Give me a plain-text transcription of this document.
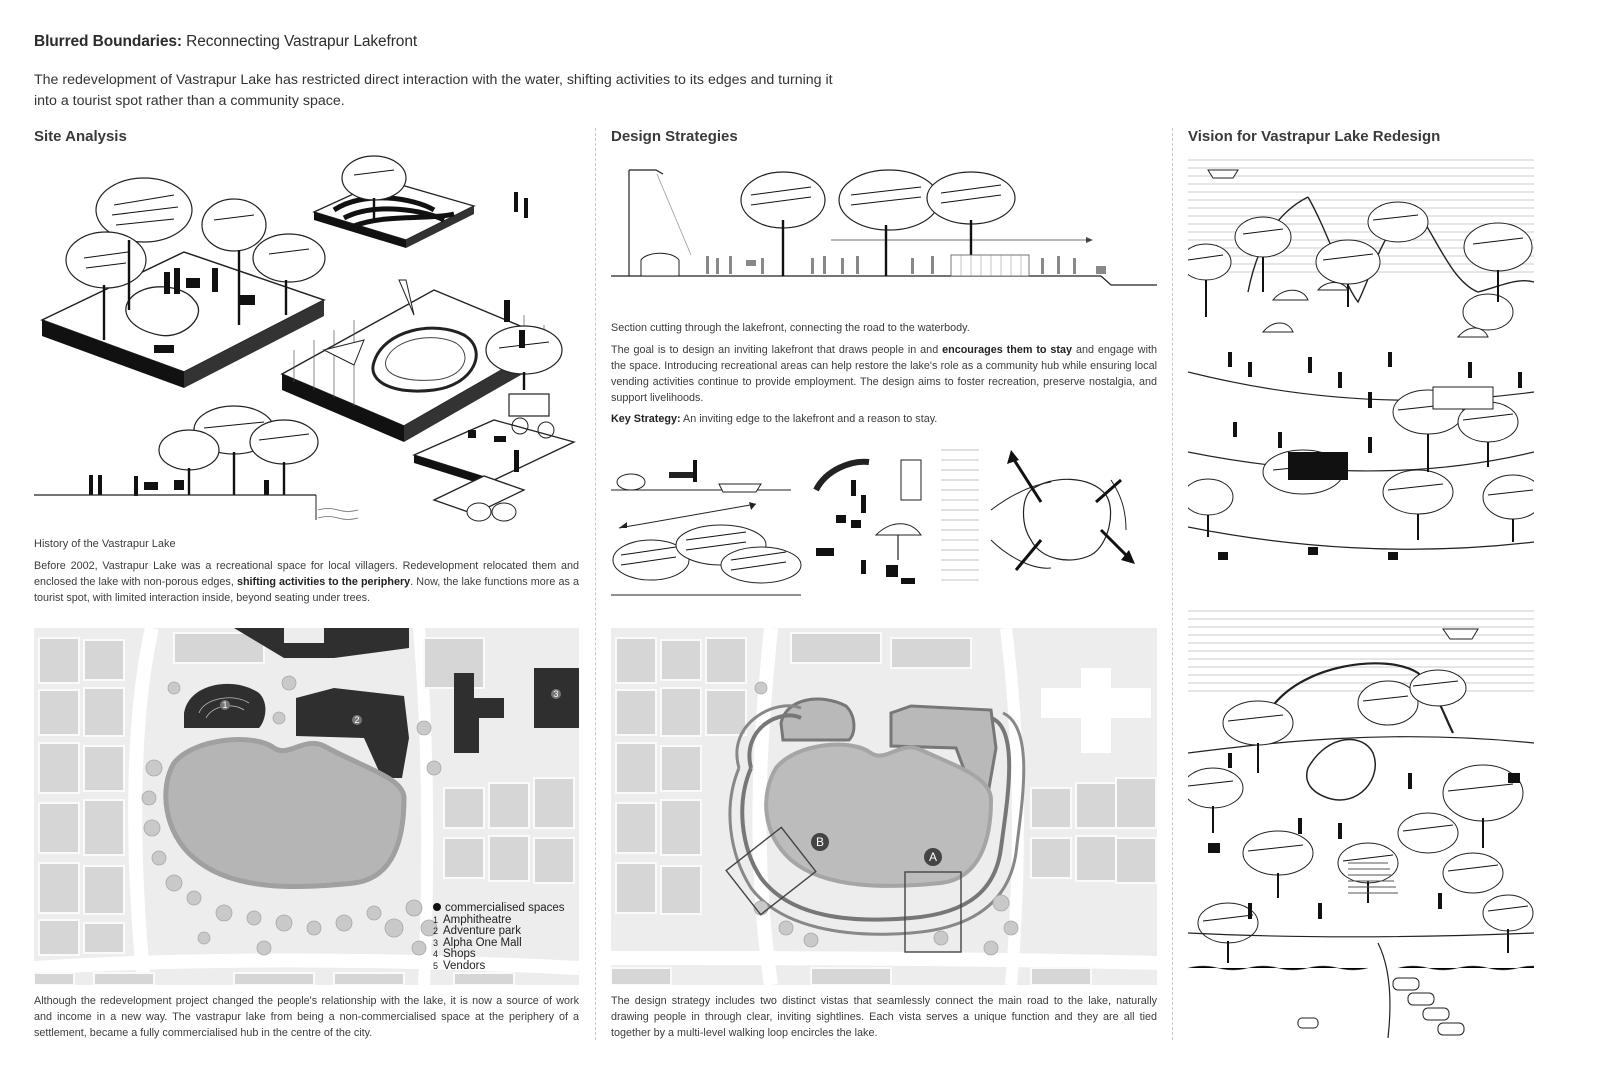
Blurred Boundaries: Reconnecting Vastrapur Lakefront
The redevelopment of Vastrapur Lake has restricted direct interaction with the water, shifting activities to its edges and turning it
into a tourist spot rather than a community space.
Site Analysis
History of the Vastrapur Lake
Before 2002, Vastrapur Lake was a recreational space for local villagers. Redevelopment relocated them and enclosed the lake with non-porous edges, shifting activities to the periphery. Now, the lake functions more as a tourist spot, with limited interaction inside, beyond seating under trees.
1
2
3
commercialised spaces
1 Amphitheatre
2 Adventure park
3 Alpha One Mall
4 Shops
5 Vendors
Although the redevelopment project changed the people's relationship with the lake, it is now a source of work and income in a new way. The vastrapur lake from being a non-commercialised space at the periphery of a settlement, became a fully commercialised hub in the centre of the city.
Design Strategies
Section cutting through the lakefront, connecting the road to the waterbody.
The goal is to design an inviting lakefront that draws people in and encourages them to stay and engage with the space. Introducing recreational areas can help restore the lake's role as a community hub while ensuring local vending activities continue to provide employment. The design aims to foster recreation, preserve nostalgia, and support livelihoods.
Key Strategy: An inviting edge to the lakefront and a reason to stay.
A
B
The design strategy includes two distinct vistas that seamlessly connect the main road to the lake, naturally drawing people in through clear, inviting sightlines. Each vista serves a unique function and they are all tied together by a multi-level walking loop encircles the lake.
Vision for Vastrapur Lake Redesign
